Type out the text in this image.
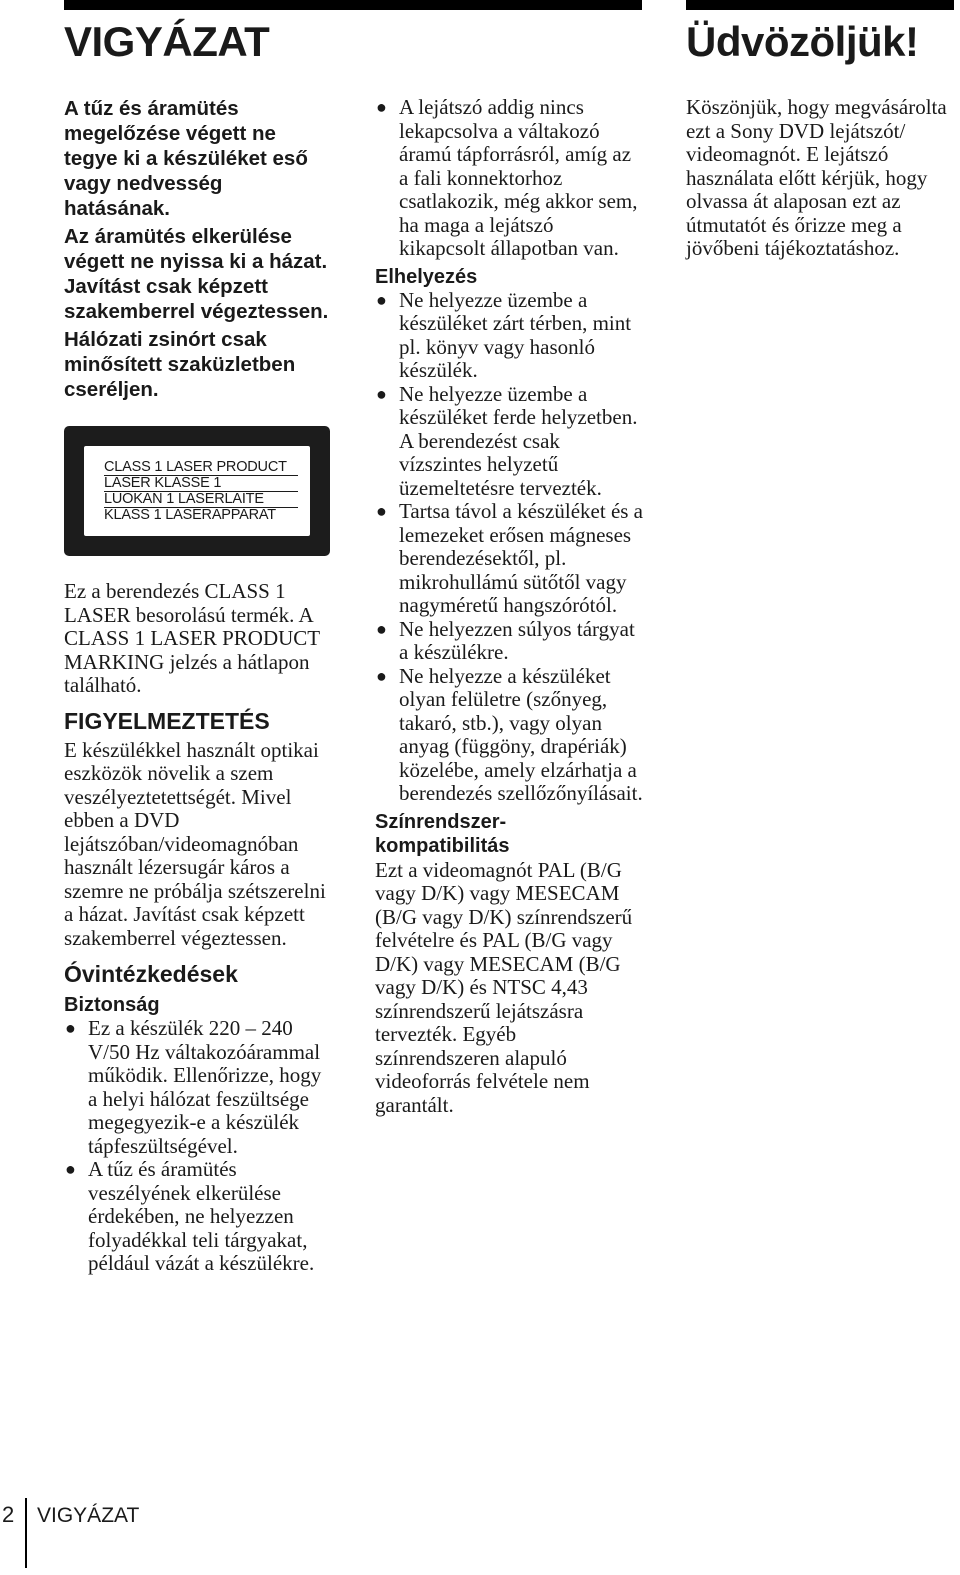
VIGYÁZAT	Üdvözöljük!

A tűz és áramütés megelőzése végett ne tegye ki a készüléket eső vagy nedvesség hatásának.

Az áramütés elkerülése végett ne nyissa ki a házat. Javítást csak képzett szakemberrel végeztessen.

Hálózati zsinórt csak minősített szaküzletben cseréljen.

CLASS 1 LASER PRODUCT
LASER KLASSE 1
LUOKAN 1 LASERLAITE
KLASS 1 LASERAPPARAT

Ez a berendezés CLASS 1 LASER besorolású termék. A CLASS 1 LASER PRODUCT MARKING jelzés a hátlapon található.

FIGYELMEZTETÉS

E készülékkel használt optikai eszközök növelik a szem veszélyeztetettségét. Mivel ebben a DVD lejátszóban/videomagnóban használt lézersugár káros a szemre ne próbálja szétszerelni a házat. Javítást csak képzett szakemberrel végeztessen.

Óvintézkedések
Biztonság
● Ez a készülék 220 – 240 V/50 Hz váltakozóárammal működik. Ellenőrizze, hogy a helyi hálózat feszültsége megegyezik-e a készülék tápfeszültségével.
● A tűz és áramütés veszélyének elkerülése érdekében, ne helyezzen folyadékkal teli tárgyakat, például vázát a készülékre.
● A lejátszó addig nincs lekapcsolva a váltakozó áramú tápforrásról, amíg az a fali konnektorhoz csatlakozik, még akkor sem, ha maga a lejátszó kikapcsolt állapotban van.
Elhelyezés
● Ne helyezze üzembe a készüléket zárt térben, mint pl. könyv vagy hasonló készülék.
● Ne helyezze üzembe a készüléket ferde helyzetben. A berendezést csak vízszintes helyzetű üzemeltetésre tervezték.
● Tartsa távol a készüléket és a lemezeket erősen mágneses berendezésektől, pl. mikrohullámú sütőtől vagy nagyméretű hangszórótól.
● Ne helyezzen súlyos tárgyat a készülékre.
● Ne helyezze a készüléket olyan felületre (szőnyeg, takaró, stb.), vagy olyan anyag (függöny, drapériák) közelébe, amely elzárhatja a berendezés szellőzőnyílásait.
Színrendszer-
kompatibilitás

Ezt a videomagnót PAL (B/G vagy D/K) vagy MESECAM (B/G vagy D/K) színrendszerű felvételre és PAL (B/G vagy D/K) vagy MESECAM (B/G vagy D/K) és NTSC 4,43 színrendszerű lejátszásra tervezték. Egyéb színrendszeren alapuló videoforrás felvétele nem garantált.

Köszönjük, hogy megvásárolta ezt a Sony DVD lejátszót/ videomagnót. E lejátszó használata előtt kérjük, hogy olvassa át alaposan ezt az útmutatót és őrizze meg a jövőbeni tájékoztatáshoz.

2 VIGYÁZAT
